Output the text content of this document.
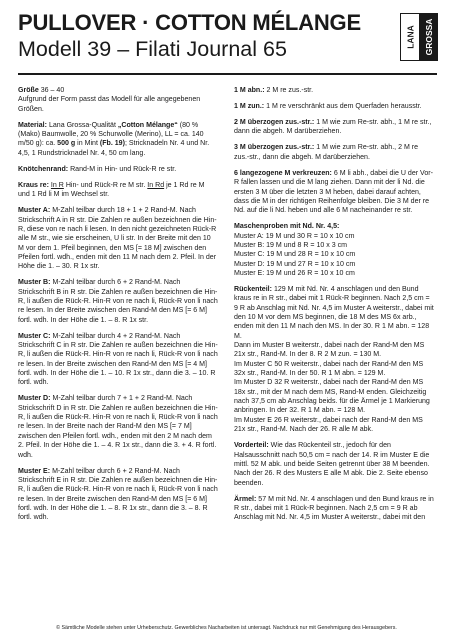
PULLOVER · COTTON MÉLANGE
Modell 39 – Filati Journal 65	LANA GROSSA

Größe 36 – 40

Aufgrund der Form passt das Modell für alle angegebenen Größen.

Material: Lana Grossa-Qualität „Cotton Mélange“ (80 % (Mako) Baumwolle, 20 % Schurwolle (Merino), LL = ca. 140 m/50 g): ca. 500 g in Mint (Fb. 19); Stricknadeln Nr. 4 und Nr. 4,5, 1 Rundstricknadel Nr. 4, 50 cm lang.

Knötchenrand: Rand-M in Hin- und Rück-R re str.

Kraus re: In R Hin- und Rück-R re M str. In Rd je 1 Rd re M und 1 Rd li M im Wechsel str.

Muster A: M-Zahl teilbar durch 18 + 1 + 2 Rand-M. Nach Strickschrift A in R str. Die Zahlen re außen bezeichnen die Hin-R, diese von re nach li lesen. In den nicht gezeichneten Rück-R alle M str., wie sie erscheinen, U li str. In der Breite mit den 10 M vor dem 1. Pfeil beginnen, den MS [= 18 M] zwischen den Pfeilen fortl. wdh., enden mit den 11 M nach dem 2. Pfeil. In der Höhe die 1. – 30. R 1x str.

Muster B: M-Zahl teilbar durch 6 + 2 Rand-M. Nach Strickschrift B in R str. Die Zahlen re außen bezeichnen die Hin-R, li außen die Rück-R. Hin-R von re nach li, Rück-R von li nach re lesen. In der Breite zwischen den Rand-M den MS [= 6 M] fortl. wdh. In der Höhe die 1. – 8. R 1x str.

Muster C: M-Zahl teilbar durch 4 + 2 Rand-M. Nach Strickschrift C in R str. Die Zahlen re außen bezeichnen die Hin-R, li außen die Rück-R. Hin-R von re nach li, Rück-R von li nach re lesen. In der Breite zwischen den Rand-M den MS [= 4 M] fortl. wdh. In der Höhe die 1. – 10. R 1x str., dann die 3. – 10. R fortl. wdh.

Muster D: M-Zahl teilbar durch 7 + 1 + 2 Rand-M. Nach Strickschrift D in R str. Die Zahlen re außen bezeichnen die Hin-R, li außen die Rück-R. Hin-R von re nach li, Rück-R von li nach re lesen. In der Breite nach der Rand-M den MS [= 7 M] zwischen den Pfeilen fortl. wdh., enden mit den 2 M nach dem 2. Pfeil. In der Höhe die 1. – 4. R 1x str., dann die 3. + 4. R fortl. wdh.

Muster E: M-Zahl teilbar durch 6 + 2 Rand-M. Nach Strickschrift E in R str. Die Zahlen re außen bezeichnen die Hin-R, li außen die Rück-R. Hin-R von re nach li, Rück-R von li nach re lesen. In der Breite zwischen den Rand-M den MS [= 6 M] fortl. wdh. In der Höhe die 1. – 8. R 1x str., dann die 3. – 8. R fortl. wdh.

1 M abn.: 2 M re zus.-str.

1 M zun.: 1 M re verschränkt aus dem Querfaden herausstr.

2 M überzogen zus.-str.: 1 M wie zum Re-str. abh., 1 M re str., dann die abgeh. M darüberziehen.

3 M überzogen zus.-str.: 1 M wie zum Re-str. abh., 2 M re zus.-str., dann die abgeh. M darüberziehen.

6 langezogene M verkreuzen: 6 M li abh., dabei die U der Vor-R fallen lassen und die M lang ziehen. Dann mit der li Nd. die ersten 3 M über die letzten 3 M heben, dabei darauf achten, dass die M in der richtigen Reihenfolge bleiben. Die 3 M der re Nd. auf die li Nd. heben und alle 6 M nacheinander re str.

Maschenproben mit Nd. Nr. 4,5:

Muster A: 19 M und 30 R = 10 x 10 cm
Muster B: 19 M und 8 R = 10 x 3 cm
Muster C: 19 M und 28 R = 10 x 10 cm
Muster D: 19 M und 27 R = 10 x 10 cm
Muster E: 19 M und 26 R = 10 x 10 cm

Rückenteil: 129 M mit Nd. Nr. 4 anschlagen und den Bund kraus re in R str., dabei mit 1 Rück-R beginnen. Nach 2,5 cm = 9 R ab Anschlag mit Nd. Nr. 4,5 im Muster A weiterstr., dabei mit den 10 M vor dem MS beginnen, die 18 M des MS 6x arb., enden mit den 11 M nach den MS. In der 30. R 1 M abn. = 128 M.
Dann im Muster B weiterstr., dabei nach der Rand-M den MS 21x str., Rand-M. In der 8. R 2 M zun. = 130 M.
Im Muster C 50 R weiterstr., dabei nach der Rand-M den MS 32x str., Rand-M. In der 50. R 1 M abn. = 129 M.
Im Muster D 32 R weiterstr., dabei nach der Rand-M den MS 18x str., mit der M nach dem MS, Rand-M enden. Gleichzeitig nach 37,5 cm ab Anschlag beids. für die Ärmel je 1 Markierung anbringen. In der 32. R 1 M abn. = 128 M.
Im Muster E 26 R weiterstr., dabei nach der Rand-M den MS 21x str., Rand-M. Nach der 26. R alle M abk.

Vorderteil: Wie das Rückenteil str., jedoch für den Halsausschnitt nach 50,5 cm = nach der 14. R im Muster E die mittl. 52 M abk. und beide Seiten getrennt über 38 M beenden. Nach der 26. R des Musters E alle M abk. Die 2. Seite ebenso beenden.

Ärmel: 57 M mit Nd. Nr. 4 anschlagen und den Bund kraus re in R str., dabei mit 1 Rück-R beginnen. Nach 2,5 cm = 9 R ab Anschlag mit Nd. Nr. 4,5 im Muster A weiterstr., dabei mit den

© Sämtliche Modelle stehen unter Urheberschutz. Gewerbliches Nacharbeiten ist untersagt. Nachdruck nur mit Genehmigung des Herausgebers.
